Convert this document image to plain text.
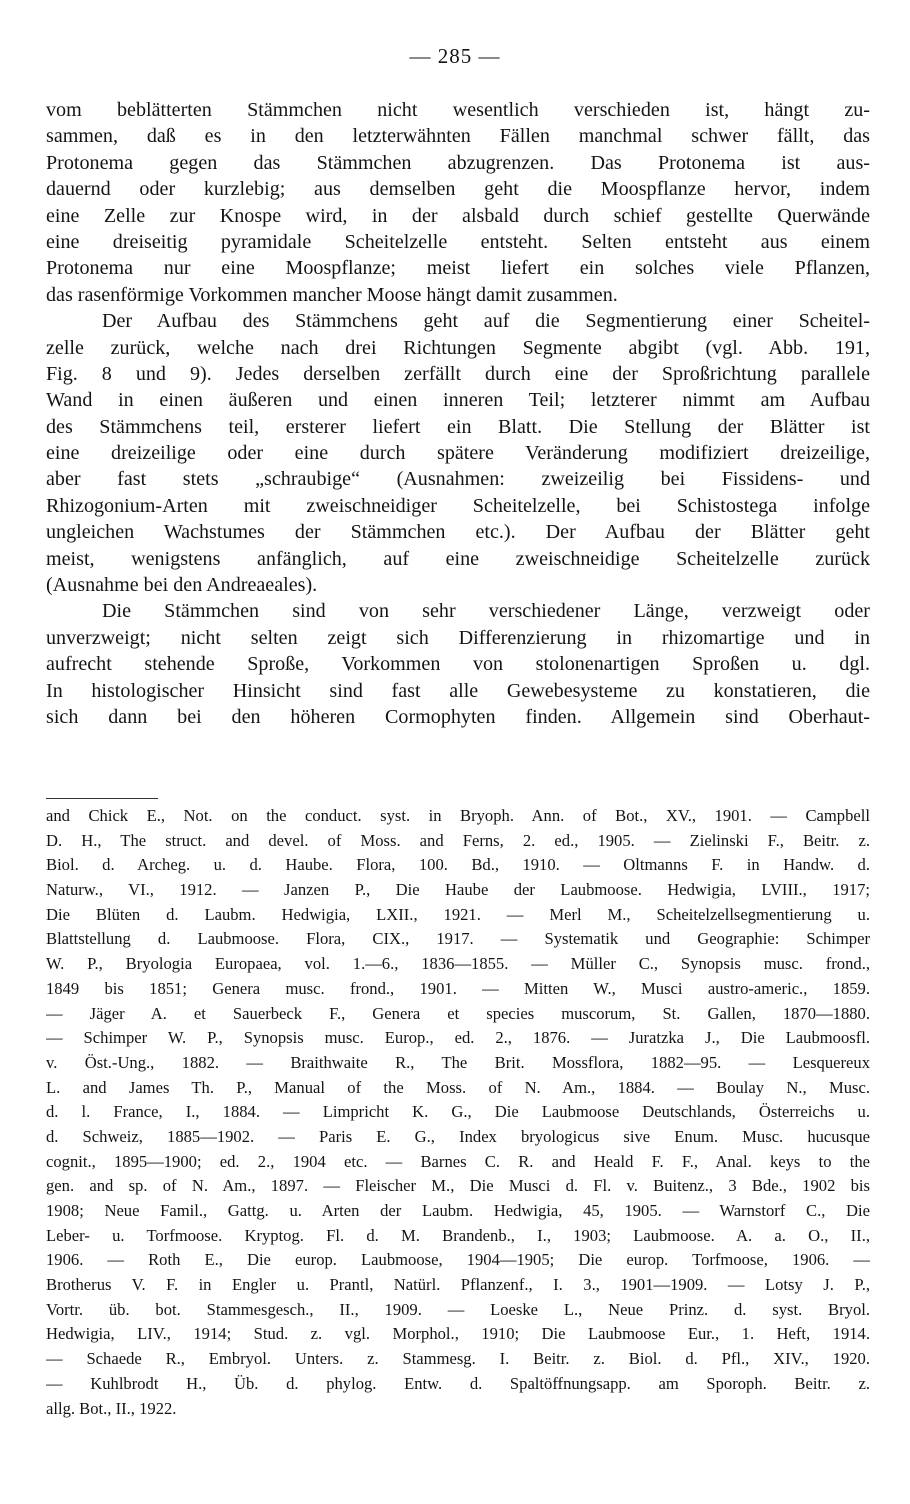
— 285 —
vom beblätterten Stämmchen nicht wesentlich verschieden ist, hängt zu-
sammen, daß es in den letzterwähnten Fällen manchmal schwer fällt, das
Protonema gegen das Stämmchen abzugrenzen. Das Protonema ist aus-
dauernd oder kurzlebig; aus demselben geht die Moospflanze hervor, indem
eine Zelle zur Knospe wird, in der alsbald durch schief gestellte Querwände
eine dreiseitig pyramidale Scheitelzelle entsteht. Selten entsteht aus einem
Protonema nur eine Moospflanze; meist liefert ein solches viele Pflanzen,
das rasenförmige Vorkommen mancher Moose hängt damit zusammen.
Der Aufbau des Stämmchens geht auf die Segmentierung einer Scheitel-
zelle zurück, welche nach drei Richtungen Segmente abgibt (vgl. Abb. 191,
Fig. 8 und 9). Jedes derselben zerfällt durch eine der Sproßrichtung parallele
Wand in einen äußeren und einen inneren Teil; letzterer nimmt am Aufbau
des Stämmchens teil, ersterer liefert ein Blatt. Die Stellung der Blätter ist
eine dreizeilige oder eine durch spätere Veränderung modifiziert dreizeilige,
aber fast stets „schraubige“ (Ausnahmen: zweizeilig bei Fissidens- und
Rhizogonium-Arten mit zweischneidiger Scheitelzelle, bei Schistostega infolge
ungleichen Wachstumes der Stämmchen etc.). Der Aufbau der Blätter geht
meist, wenigstens anfänglich, auf eine zweischneidige Scheitelzelle zurück
(Ausnahme bei den Andreaeales).
Die Stämmchen sind von sehr verschiedener Länge, verzweigt oder
unverzweigt; nicht selten zeigt sich Differenzierung in rhizomartige und in
aufrecht stehende Sproße, Vorkommen von stolonenartigen Sproßen u. dgl.
In histologischer Hinsicht sind fast alle Gewebesysteme zu konstatieren, die
sich dann bei den höheren Cormophyten finden. Allgemein sind Oberhaut-
and Chick E., Not. on the conduct. syst. in Bryoph. Ann. of Bot., XV., 1901. — Campbell
D. H., The struct. and devel. of Moss. and Ferns, 2. ed., 1905. — Zielinski F., Beitr. z.
Biol. d. Archeg. u. d. Haube. Flora, 100. Bd., 1910. — Oltmanns F. in Handw. d.
Naturw., VI., 1912. — Janzen P., Die Haube der Laubmoose. Hedwigia, LVIII., 1917;
Die Blüten d. Laubm. Hedwigia, LXII., 1921. — Merl M., Scheitelzellsegmentierung u.
Blattstellung d. Laubmoose. Flora, CIX., 1917. — Systematik und Geographie: Schimper
W. P., Bryologia Europaea, vol. 1.—6., 1836—1855. — Müller C., Synopsis musc. frond.,
1849 bis 1851; Genera musc. frond., 1901. — Mitten W., Musci austro-americ., 1859.
— Jäger A. et Sauerbeck F., Genera et species muscorum, St. Gallen, 1870—1880.
— Schimper W. P., Synopsis musc. Europ., ed. 2., 1876. — Juratzka J., Die Laubmoosfl.
v. Öst.-Ung., 1882. — Braithwaite R., The Brit. Mossflora, 1882—95. — Lesquereux
L. and James Th. P., Manual of the Moss. of N. Am., 1884. — Boulay N., Musc.
d. l. France, I., 1884. — Limpricht K. G., Die Laubmoose Deutschlands, Österreichs u.
d. Schweiz, 1885—1902. — Paris E. G., Index bryologicus sive Enum. Musc. hucusque
cognit., 1895—1900; ed. 2., 1904 etc. — Barnes C. R. and Heald F. F., Anal. keys to the
gen. and sp. of N. Am., 1897. — Fleischer M., Die Musci d. Fl. v. Buitenz., 3 Bde., 1902 bis
1908; Neue Famil., Gattg. u. Arten der Laubm. Hedwigia, 45, 1905. — Warnstorf C., Die
Leber- u. Torfmoose. Kryptog. Fl. d. M. Brandenb., I., 1903; Laubmoose. A. a. O., II.,
1906. — Roth E., Die europ. Laubmoose, 1904—1905; Die europ. Torfmoose, 1906. —
Brotherus V. F. in Engler u. Prantl, Natürl. Pflanzenf., I. 3., 1901—1909. — Lotsy J. P.,
Vortr. üb. bot. Stammesgesch., II., 1909. — Loeske L., Neue Prinz. d. syst. Bryol.
Hedwigia, LIV., 1914; Stud. z. vgl. Morphol., 1910; Die Laubmoose Eur., 1. Heft, 1914.
— Schaede R., Embryol. Unters. z. Stammesg. I. Beitr. z. Biol. d. Pfl., XIV., 1920.
— Kuhlbrodt H., Üb. d. phylog. Entw. d. Spaltöffnungsapp. am Sporoph. Beitr. z.
allg. Bot., II., 1922.
